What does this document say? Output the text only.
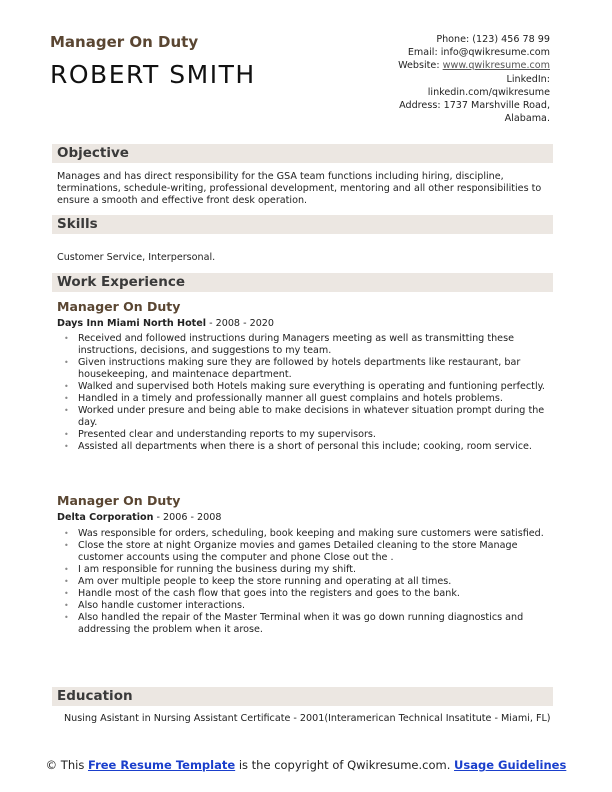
Manager On Duty
ROBERT SMITH
Phone: (123) 456 78 99
Email: info@qwikresume.com
Website: www.qwikresume.com
LinkedIn:
linkedin.com/qwikresume
Address: 1737 Marshville Road,
Alabama.
Objective
Manages and has direct responsibility for the GSA team functions including hiring, discipline, terminations, schedule-writing, professional development, mentoring and all other responsibilities to ensure a smooth and effective front desk operation.
Skills
Customer Service, Interpersonal.
Work Experience
Manager On Duty
Days Inn Miami North Hotel - 2008 - 2020
• Received and followed instructions during Managers meeting as well as transmitting these instructions, decisions, and suggestions to my team.
• Given instructions making sure they are followed by hotels departments like restaurant, bar housekeeping, and maintenace department.
• Walked and supervised both Hotels making sure everything is operating and funtioning perfectly.
• Handled in a timely and professionally manner all guest complains and hotels problems.
• Worked under presure and being able to make decisions in whatever situation prompt during the day.
• Presented clear and understanding reports to my supervisors.
• Assisted all departments when there is a short of personal this include; cooking, room service.
Manager On Duty
Delta Corporation - 2006 - 2008
• Was responsible for orders, scheduling, book keeping and making sure customers were satisfied.
• Close the store at night Organize movies and games Detailed cleaning to the store Manage customer accounts using the computer and phone Close out the .
• I am responsible for running the business during my shift.
• Am over multiple people to keep the store running and operating at all times.
• Handle most of the cash flow that goes into the registers and goes to the bank.
• Also handle customer interactions.
• Also handled the repair of the Master Terminal when it was go down running diagnostics and addressing the problem when it arose.
Education
Nusing Asistant in Nursing Assistant Certificate - 2001(Interamerican Technical Insatitute - Miami, FL)
© This Free Resume Template is the copyright of Qwikresume.com. Usage Guidelines
